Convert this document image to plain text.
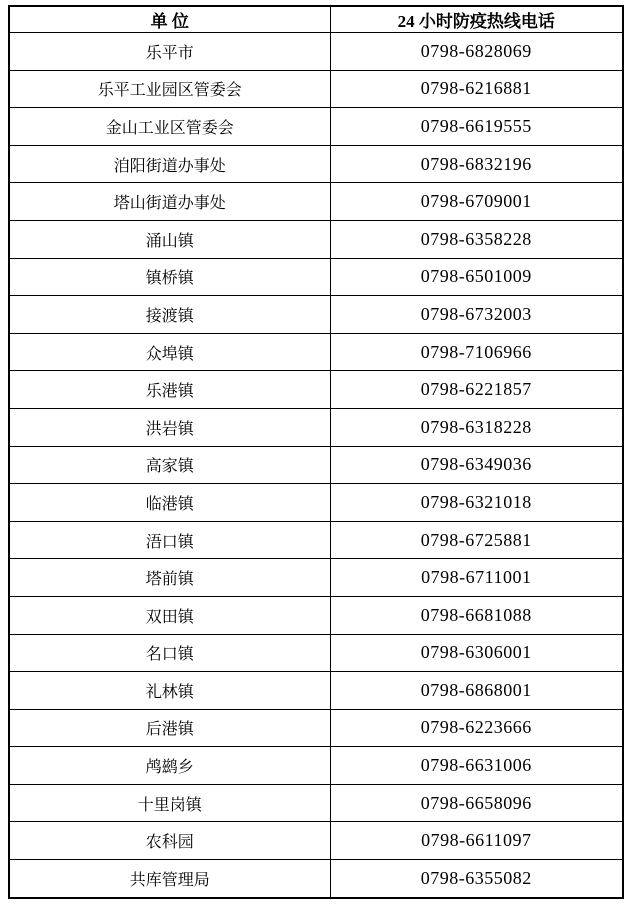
单 位	24 小时防疫热线电话
乐平市	0798-6828069
乐平工业园区管委会	0798-6216881
金山工业区管委会	0798-6619555
洎阳街道办事处	0798-6832196
塔山街道办事处	0798-6709001
涌山镇	0798-6358228
镇桥镇	0798-6501009
接渡镇	0798-6732003
众埠镇	0798-7106966
乐港镇	0798-6221857
洪岩镇	0798-6318228
高家镇	0798-6349036
临港镇	0798-6321018
浯口镇	0798-6725881
塔前镇	0798-6711001
双田镇	0798-6681088
名口镇	0798-6306001
礼林镇	0798-6868001
后港镇	0798-6223666
鸬鹚乡	0798-6631006
十里岗镇	0798-6658096
农科园	0798-6611097
共库管理局	0798-6355082
